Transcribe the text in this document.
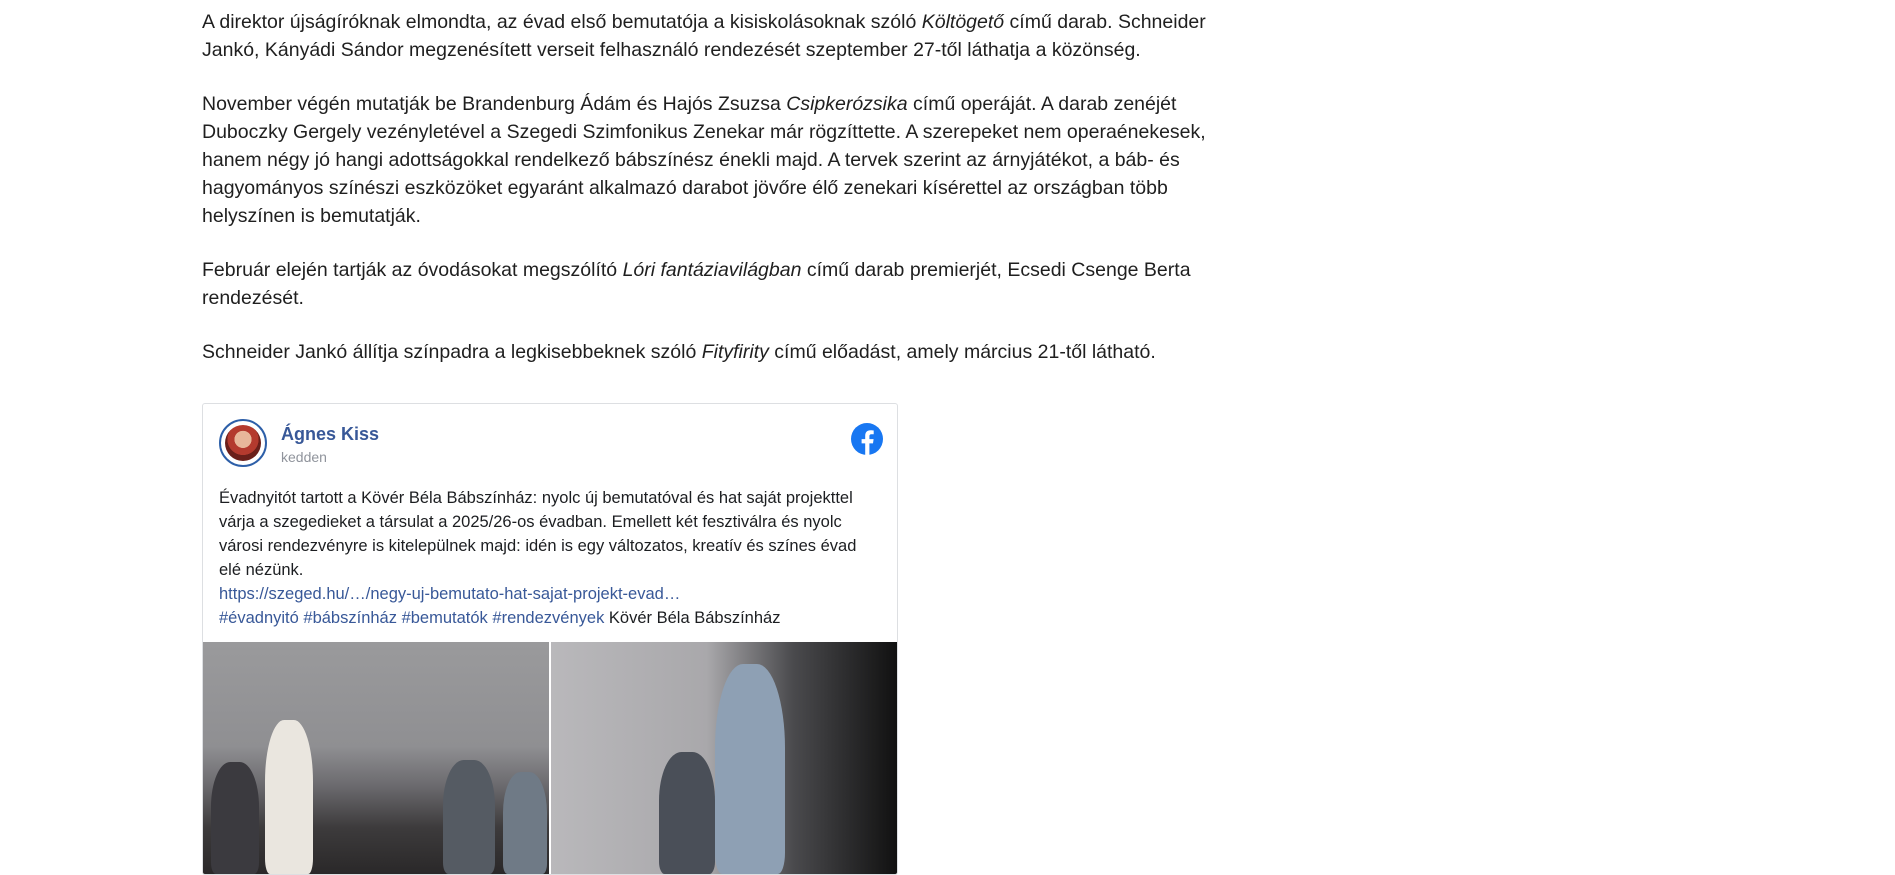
A direktor újságíróknak elmondta, az évad első bemutatója a kisiskolásoknak szóló Költögető című darab. Schneider Jankó, Kányádi Sándor megzenésített verseit felhasználó rendezését szeptember 27-től láthatja a közönség.

November végén mutatják be Brandenburg Ádám és Hajós Zsuzsa Csipkerózsika című operáját. A darab zenéjét Duboczky Gergely vezényletével a Szegedi Szimfonikus Zenekar már rögzíttette. A szerepeket nem operaénekesek, hanem négy jó hangi adottságokkal rendelkező bábszínész énekli majd. A tervek szerint az árnyjátékot, a báb- és hagyományos színészi eszközöket egyaránt alkalmazó darabot jövőre élő zenekari kísérettel az országban több helyszínen is bemutatják.

Február elején tartják az óvodásokat megszólító Lóri fantáziavilágban című darab premierjét, Ecsedi Csenge Berta rendezését.

Schneider Jankó állítja színpadra a legkisebbeknek szóló Fityfirity című előadást, amely március 21-től látható.

Ágnes Kiss
kedden
Évadnyitót tartott a Kövér Béla Bábszínház: nyolc új bemutatóval és hat saját projekttel várja a szegedieket a társulat a 2025/26-os évadban. Emellett két fesztiválra és nyolc városi rendezvényre is kitelepülnek majd: idén is egy változatos, kreatív és színes évad elé nézünk.
https://szeged.hu/…/negy-uj-bemutato-hat-sajat-projekt-evad…
#évadnyitó #bábszínház #bemutatók #rendezvények Kövér Béla Bábszínház
